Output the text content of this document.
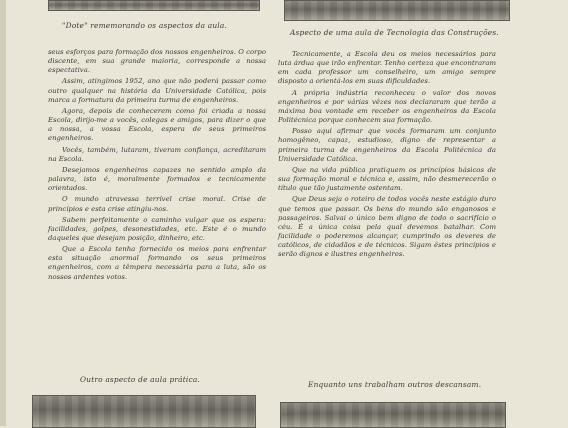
"Dote" rememorando os aspectos da aula.
Aspecto de uma aula de Tecnologia das Construções.

seus esforços para formação dos nossos engenheiros. O corpo discente, em sua grande maioria, corresponde a nossa espectativa.

Assim, atingimos 1952, ano que não poderá passar como outro qualquer na história da Universidade Católica, pois marca a formatura da primeira turma de engenheiros.

Agora, depois de conhecerem como foi criada a nossa Escola, dirijo-me a vocês, colegas e amigos, para dizer o que a nossa, a vossa Escola, espera de seus primeiros engenheiros.

Vocês, também, lutaram, tiveram confiança, acreditaram na Escola.

Desejamos engenheiros capazes no sentido amplo da palavra, isto é, moralmente formados e tecnicamente orientados.

O mundo atravessa terrível crise moral. Crise de princípios e esta crise atingiu-nos.

Sabem perfeitamente o caminho vulgar que os espera: facilidades, golpes, desonestidades, etc. Este é o mundo daqueles que desejam posição, dinheiro, etc.

Que a Escola tenha fornecido os meios para enfrentar esta situação anormal formando os seus primeiros engenheiros, com a têmpera necessária para a luta, são os nossos ardentes votos.

Tecnicamente, a Escola deu os meios necessários para luta árdua que irão enfrentar. Tenho certeza que encontraram em cada professor um conselheiro, um amigo sempre disposto a orientá-los em suas dificuldades.

A própria indústria reconheceu o valor dos novos engenheiros e por várias vêzes nos declararam que terão a máxima boa vontade em receber os engenheiros da Escola Politécnica porque conhecem sua formação.

Posso aqui afirmar que vocês formaram um conjunto homogêneo, capaz, estudioso, digno de representar a primeira turma de engenheiros da Escola Politécnica da Universidade Católica.

Que na vida pública pratiquem os princípios básicos de sua formação moral e técnica e, assim, não desmerecerão o título que tão justamente ostentam.

Que Deus seja o roteiro de todos vocês neste estágio duro que temos que passar. Os bens do mundo são enganosos e passageiros. Salvai o único bem digno de todo o sacrifício o céu. É a única coisa pela qual devemos batalhar. Com facilidade o poderemos alcançar, cumprindo os deveres de católicos, de cidadãos e de técnicos. Sigam êstes princípios e serão dignos e ilustres engenheiros.

Outro aspecto de aula prática.
Enquanto uns trabalham outros descansam.
